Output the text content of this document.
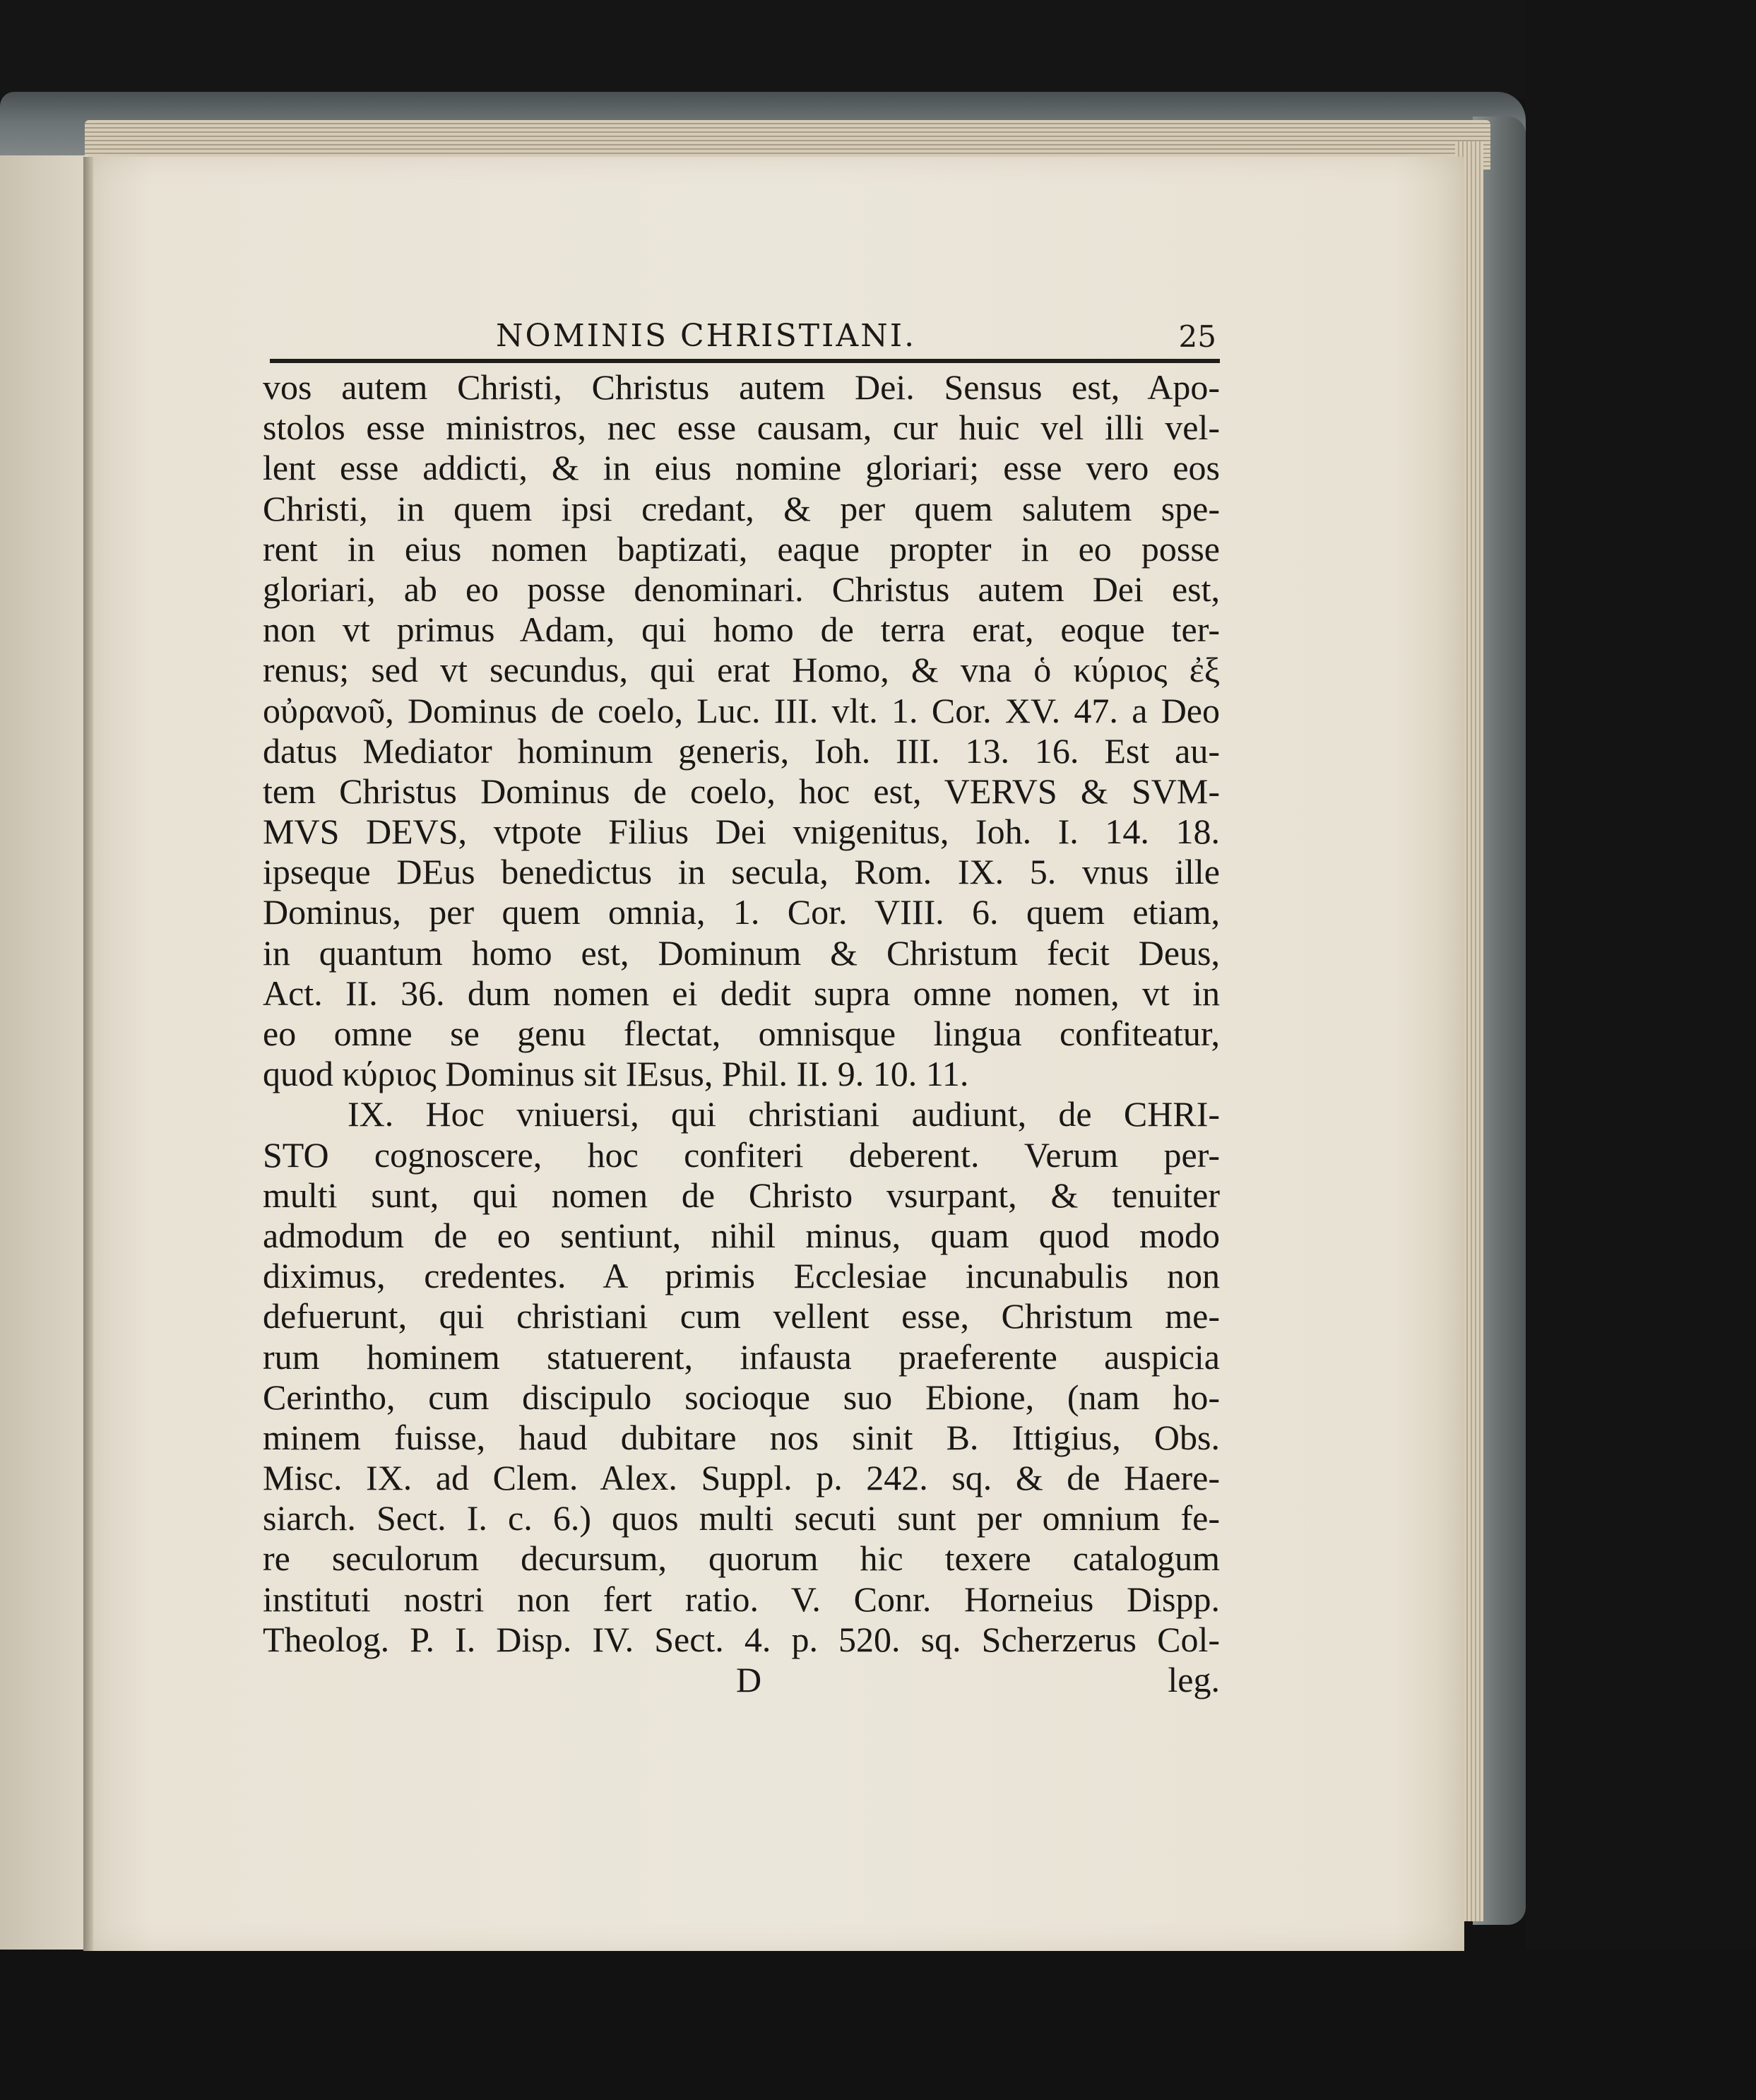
NOMINIS CHRISTIANI.	25
vos autem Christi, Christus autem Dei. Sensus est, Apo-
stolos esse ministros, nec esse causam, cur huic vel illi vel-
lent esse addicti, & in eius nomine gloriari; esse vero eos
Christi, in quem ipsi credant, & per quem salutem spe-
rent in eius nomen baptizati, eaque propter in eo posse
gloriari, ab eo posse denominari. Christus autem Dei est,
non vt primus Adam, qui homo de terra erat, eoque ter-
renus; sed vt secundus, qui erat Homo, & vna ὁ κύριος ἐξ
οὐρανοῦ, Dominus de coelo, Luc. III. vlt. 1. Cor. XV. 47. a Deo
datus Mediator hominum generis, Ioh. III. 13. 16. Est au-
tem Christus Dominus de coelo, hoc est, VERVS & SVM-
MVS DEVS, vtpote Filius Dei vnigenitus, Ioh. I. 14. 18.
ipseque DEus benedictus in secula, Rom. IX. 5. vnus ille
Dominus, per quem omnia, 1. Cor. VIII. 6. quem etiam,
in quantum homo est, Dominum & Christum fecit Deus,
Act. II. 36. dum nomen ei dedit supra omne nomen, vt in
eo omne se genu flectat, omnisque lingua confiteatur,
quod κύριος Dominus sit IEsus, Phil. II. 9. 10. 11.
IX. Hoc vniuersi, qui christiani audiunt, de CHRI-
STO cognoscere, hoc confiteri deberent. Verum per-
multi sunt, qui nomen de Christo vsurpant, & tenuiter
admodum de eo sentiunt, nihil minus, quam quod modo
diximus, credentes. A primis Ecclesiae incunabulis non
defuerunt, qui christiani cum vellent esse, Christum me-
rum hominem statuerent, infausta praeferente auspicia
Cerintho, cum discipulo socioque suo Ebione, (nam ho-
minem fuisse, haud dubitare nos sinit B. Ittigius, Obs.
Misc. IX. ad Clem. Alex. Suppl. p. 242. sq. & de Haere-
siarch. Sect. I. c. 6.) quos multi secuti sunt per omnium fe-
re seculorum decursum, quorum hic texere catalogum
instituti nostri non fert ratio. V. Conr. Horneius Dispp.
Theolog. P. I. Disp. IV. Sect. 4. p. 520. sq. Scherzerus Col-
D	leg.
